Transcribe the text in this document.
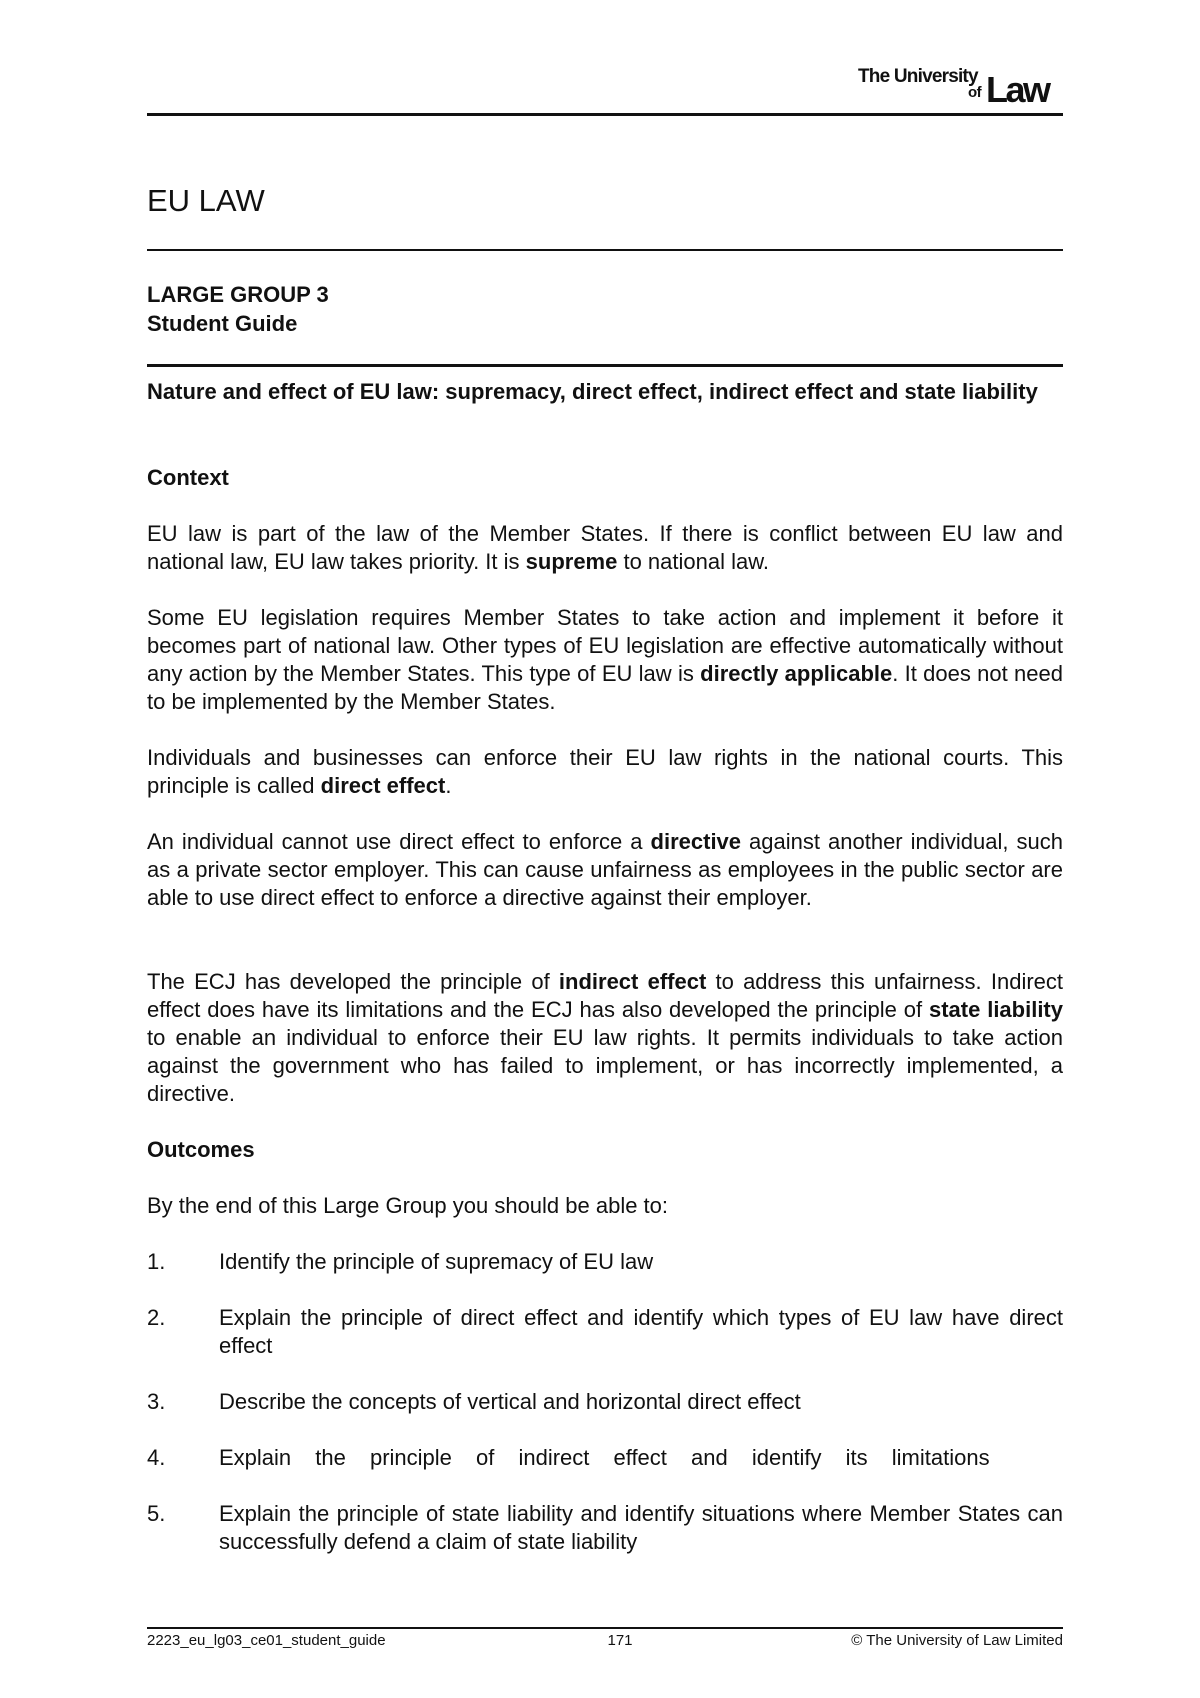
The University
of Law
EU LAW
LARGE GROUP 3
Student Guide
Nature and effect of EU law: supremacy, direct effect, indirect effect and state liability
Context
EU law is part of the law of the Member States. If there is conflict between EU law and national law, EU law takes priority. It is supreme to national law.
Some EU legislation requires Member States to take action and implement it before it becomes part of national law. Other types of EU legislation are effective automatically without any action by the Member States. This type of EU law is directly applicable. It does not need to be implemented by the Member States.
Individuals and businesses can enforce their EU law rights in the national courts. This principle is called direct effect.
An individual cannot use direct effect to enforce a directive against another individual, such as a private sector employer. This can cause unfairness as employees in the public sector are able to use direct effect to enforce a directive against their employer.
The ECJ has developed the principle of indirect effect to address this unfairness. Indirect effect does have its limitations and the ECJ has also developed the principle of state liability to enable an individual to enforce their EU law rights. It permits individuals to take action against the government who has failed to implement, or has incorrectly implemented, a directive.
Outcomes
By the end of this Large Group you should be able to:
1. Identify the principle of supremacy of EU law
2. Explain the principle of direct effect and identify which types of EU law have direct effect
3. Describe the concepts of vertical and horizontal direct effect
4. Explain the principle of indirect effect and identify its limitations
5. Explain the principle of state liability and identify situations where Member States can successfully defend a claim of state liability
2223_eu_lg03_ce01_student_guide	171	© The University of Law Limited
